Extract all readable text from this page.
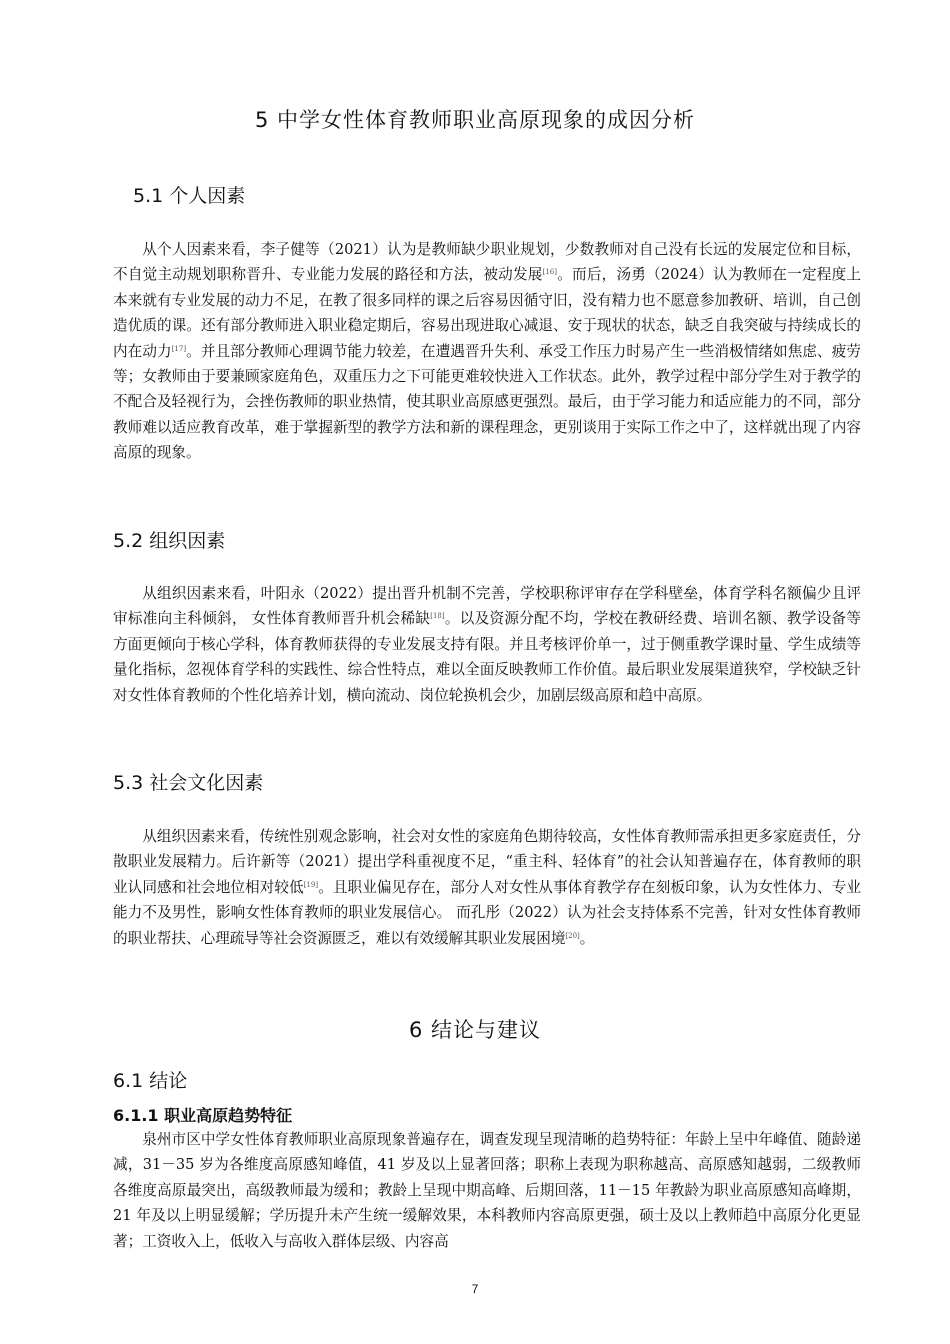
5 中学女性体育教师职业高原现象的成因分析
5.1 个人因素

从个人因素来看，李子健等（2021）认为是教师缺少职业规划，少数教师对自己没有长远的发展定位和目标，不自觉主动规划职称晋升、专业能力发展的路径和方法，被动发展[16]。而后，汤勇（2024）认为教师在一定程度上本来就有专业发展的动力不足，在教了很多同样的课之后容易因循守旧，没有精力也不愿意参加教研、培训，自己创造优质的课。还有部分教师进入职业稳定期后，容易出现进取心减退、安于现状的状态，缺乏自我突破与持续成长的内在动力[17]。并且部分教师心理调节能力较差，在遭遇晋升失利、承受工作压力时易产生一些消极情绪如焦虑、疲劳等；女教师由于要兼顾家庭角色，双重压力之下可能更难较快进入工作状态。此外，教学过程中部分学生对于教学的不配合及轻视行为，会挫伤教师的职业热情，使其职业高原感更强烈。最后，由于学习能力和适应能力的不同，部分教师难以适应教育改革，难于掌握新型的教学方法和新的课程理念，更别谈用于实际工作之中了，这样就出现了内容高原的现象。

5.2 组织因素

从组织因素来看，叶阳永（2022）提出晋升机制不完善，学校职称评审存在学科壁垒，体育学科名额偏少且评审标准向主科倾斜， 女性体育教师晋升机会稀缺[18]。以及资源分配不均，学校在教研经费、培训名额、教学设备等方面更倾向于核心学科，体育教师获得的专业发展支持有限。并且考核评价单一，过于侧重教学课时量、学生成绩等量化指标，忽视体育学科的实践性、综合性特点，难以全面反映教师工作价值。最后职业发展渠道狭窄，学校缺乏针对女性体育教师的个性化培养计划，横向流动、岗位轮换机会少，加剧层级高原和趋中高原。

5.3 社会文化因素

从组织因素来看，传统性别观念影响，社会对女性的家庭角色期待较高，女性体育教师需承担更多家庭责任，分散职业发展精力。后许新等（2021）提出学科重视度不足，“重主科、轻体育”的社会认知普遍存在，体育教师的职业认同感和社会地位相对较低[19]。且职业偏见存在，部分人对女性从事体育教学存在刻板印象，认为女性体力、专业能力不及男性，影响女性体育教师的职业发展信心。 而孔彤（2022）认为社会支持体系不完善，针对女性体育教师的职业帮扶、心理疏导等社会资源匮乏，难以有效缓解其职业发展困境[20]。

6 结论与建议
6.1 结论
6.1.1 职业高原趋势特征

泉州市区中学女性体育教师职业高原现象普遍存在，调查发现呈现清晰的趋势特征：年龄上呈中年峰值、随龄递减，31－35 岁为各维度高原感知峰值，41 岁及以上显著回落；职称上表现为职称越高、高原感知越弱，二级教师各维度高原最突出，高级教师最为缓和；教龄上呈现中期高峰、后期回落，11－15 年教龄为职业高原感知高峰期，21 年及以上明显缓解；学历提升未产生统一缓解效果，本科教师内容高原更强，硕士及以上教师趋中高原分化更显著；工资收入上，低收入与高收入群体层级、内容高

7
